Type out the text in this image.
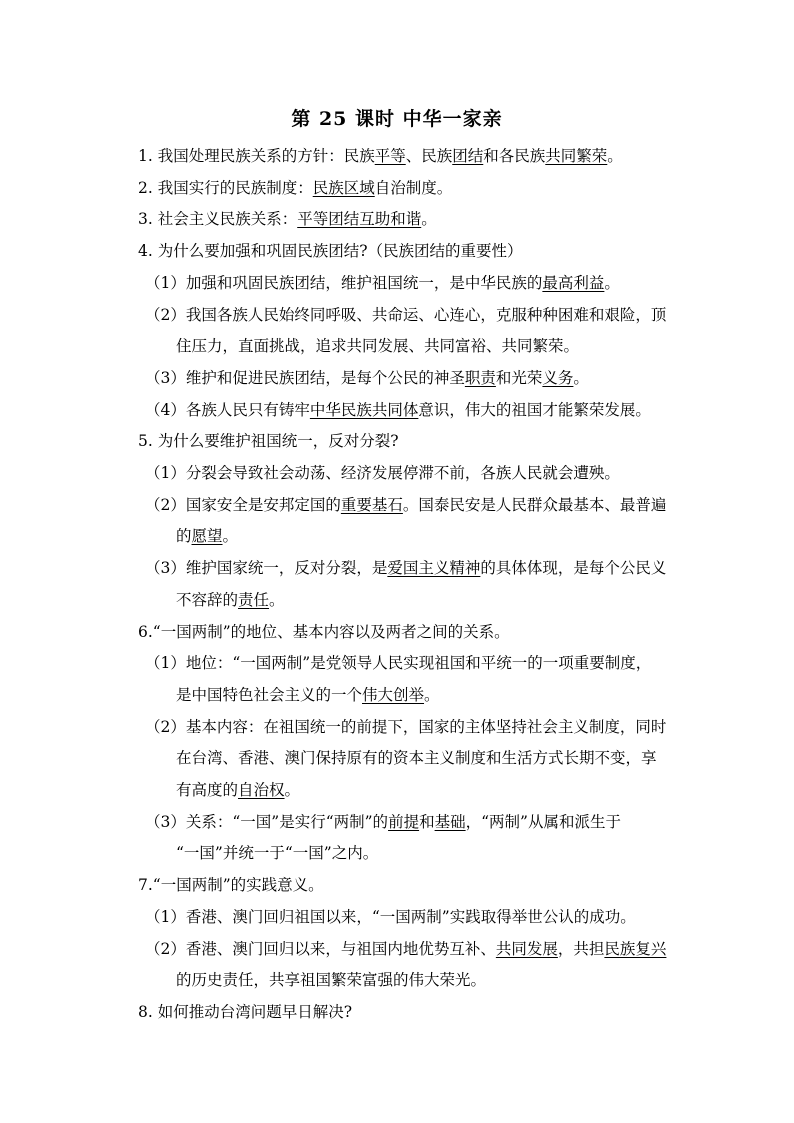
第 25 课时 中华一家亲
1. 我国处理民族关系的方针：民族平等、民族团结和各民族共同繁荣。
2. 我国实行的民族制度：民族区域自治制度。
3. 社会主义民族关系：平等团结互助和谐。
4. 为什么要加强和巩固民族团结?（民族团结的重要性）
（1）加强和巩固民族团结，维护祖国统一，是中华民族的最高利益。
（2）我国各族人民始终同呼吸、共命运、心连心，克服种种困难和艰险，顶
住压力，直面挑战，追求共同发展、共同富裕、共同繁荣。
（3）维护和促进民族团结，是每个公民的神圣职责和光荣义务。
（4）各族人民只有铸牢中华民族共同体意识，伟大的祖国才能繁荣发展。
5. 为什么要维护祖国统一，反对分裂?
（1）分裂会导致社会动荡、经济发展停滞不前，各族人民就会遭殃。
（2）国家安全是安邦定国的重要基石。国泰民安是人民群众最基本、最普遍
的愿望。
（3）维护国家统一，反对分裂，是爱国主义精神的具体体现，是每个公民义
不容辞的责任。
6.“一国两制”的地位、基本内容以及两者之间的关系。
（1）地位：“一国两制”是党领导人民实现祖国和平统一的一项重要制度，
是中国特色社会主义的一个伟大创举。
（2）基本内容：在祖国统一的前提下，国家的主体坚持社会主义制度，同时
在台湾、香港、澳门保持原有的资本主义制度和生活方式长期不变，享
有高度的自治权。
（3）关系：“一国”是实行“两制”的前提和基础，“两制”从属和派生于
“一国”并统一于“一国”之内。
7.“一国两制”的实践意义。
（1）香港、澳门回归祖国以来，“一国两制”实践取得举世公认的成功。
（2）香港、澳门回归以来，与祖国内地优势互补、共同发展，共担民族复兴
的历史责任，共享祖国繁荣富强的伟大荣光。
8. 如何推动台湾问题早日解决?
